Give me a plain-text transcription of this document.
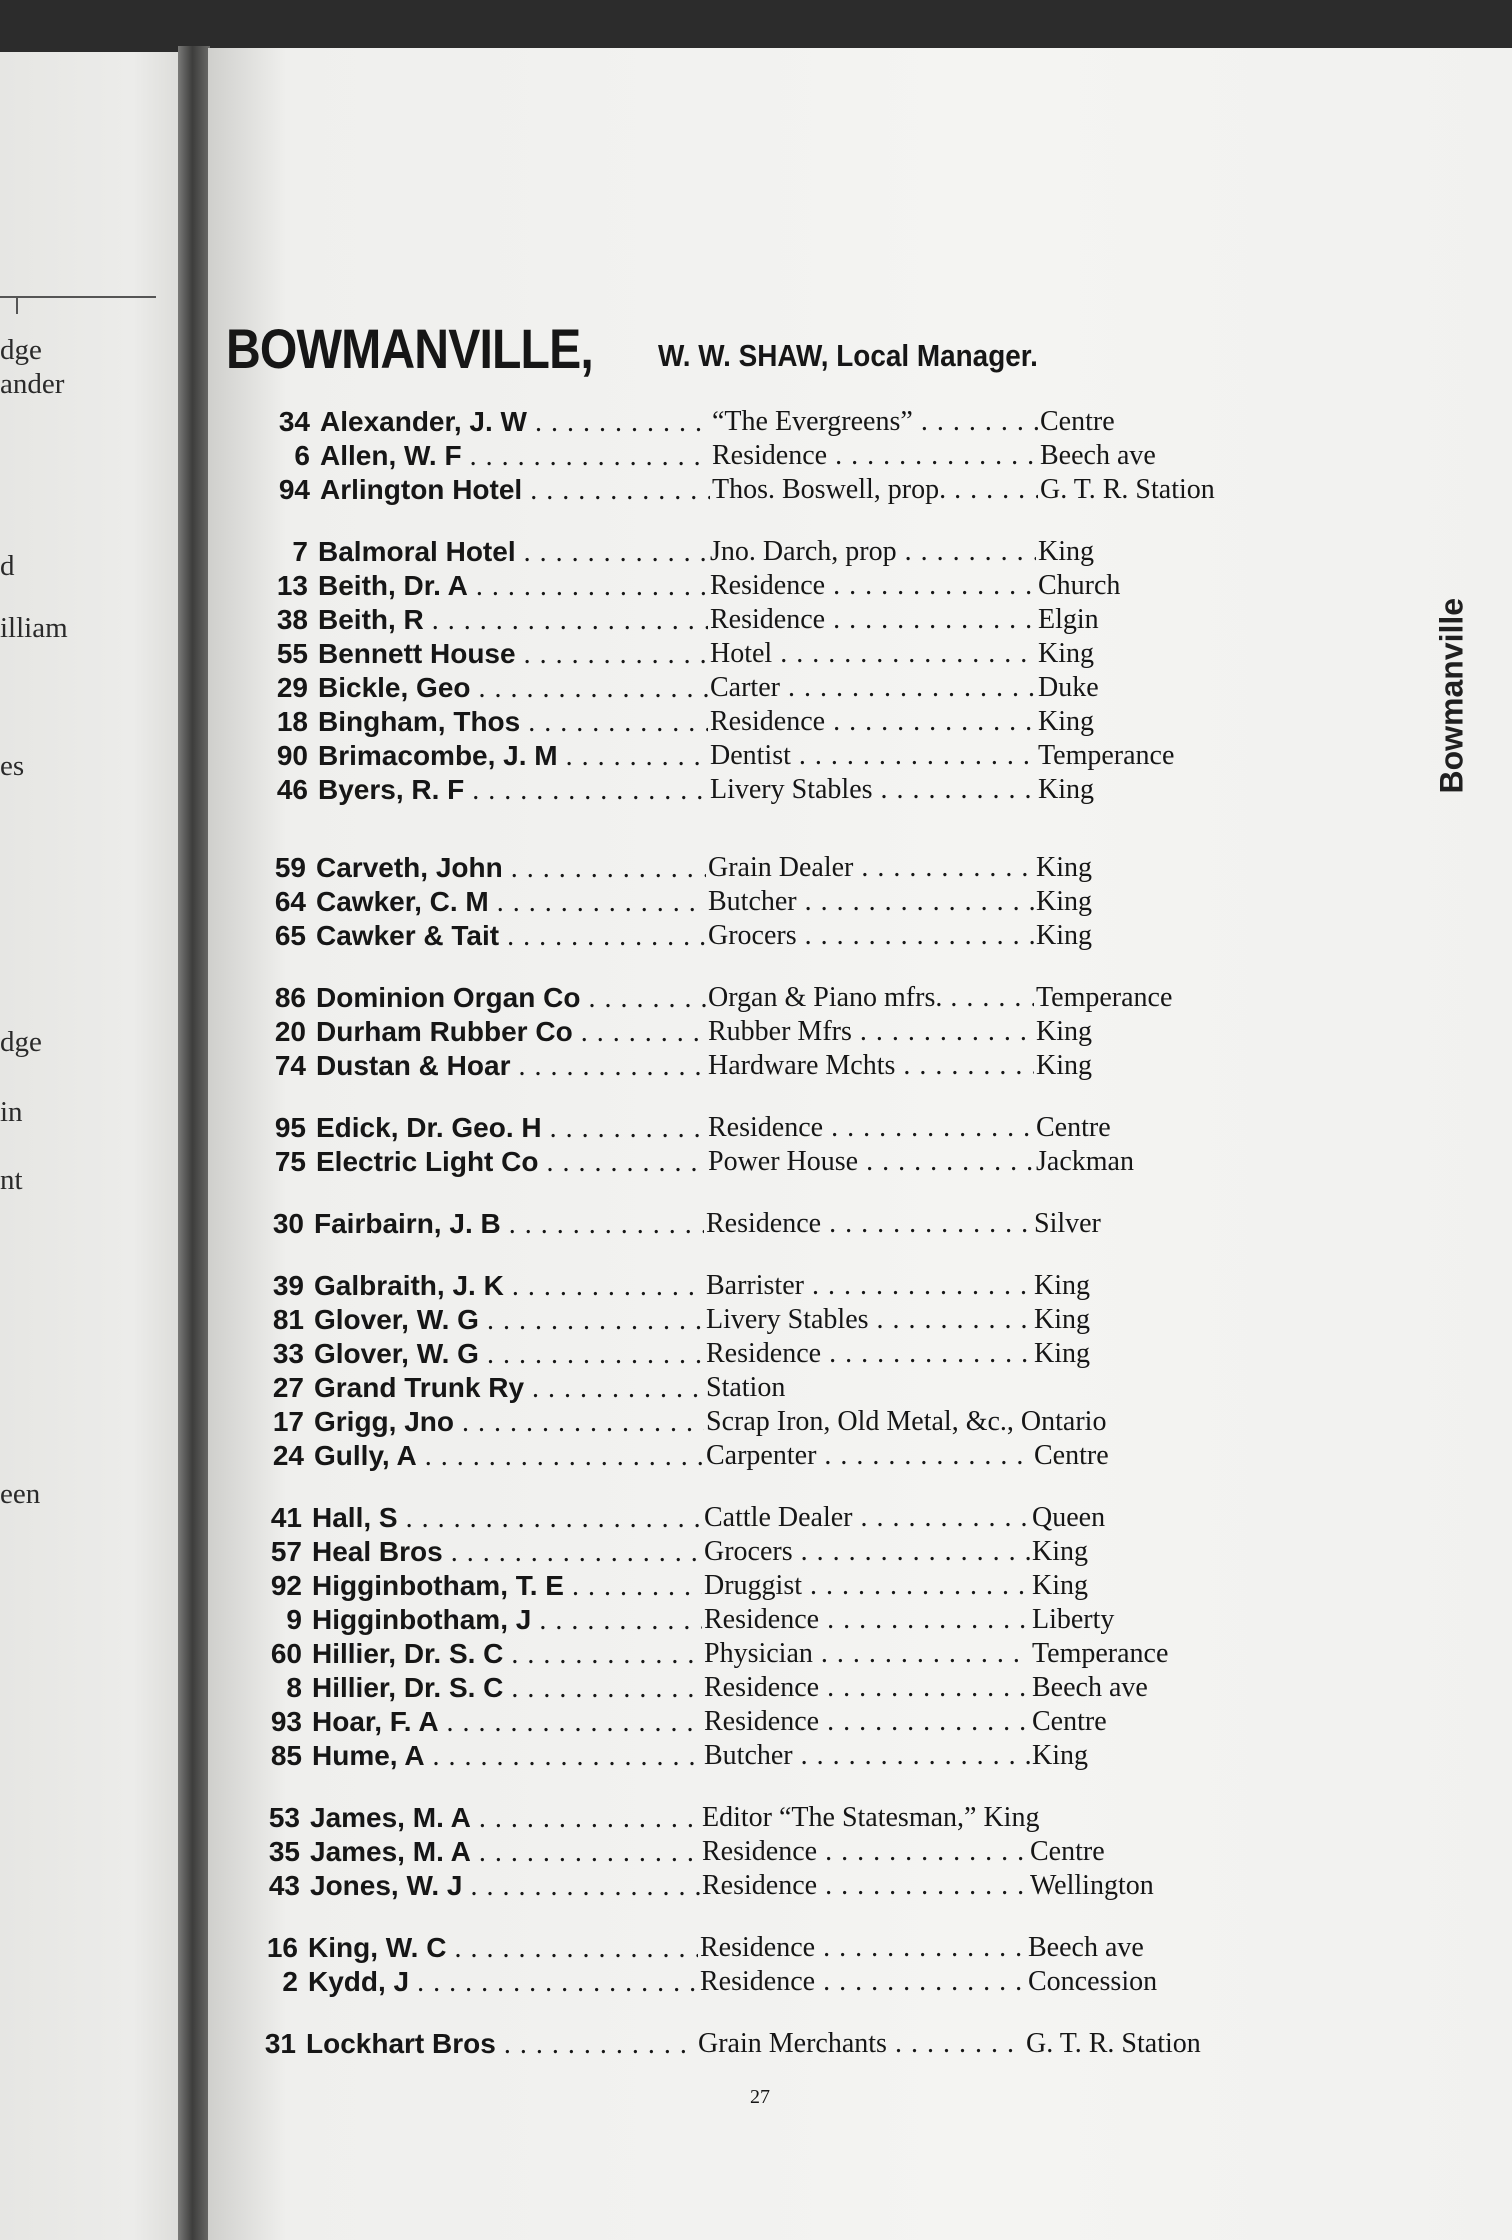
dge
ander
d
illiam
es
dge
in
nt
een
BOWMANVILLE, W. W. SHAW, Local Manager.
Bowmanville
34 Alexander, J. W . . .	“The Evergreens” . . .	Centre
6 Allen, W. F . . .	Residence . . .	Beech ave
94 Arlington Hotel . . .	Thos. Boswell, prop. . . .	G. T. R. Station
7 Balmoral Hotel . . .	Jno. Darch, prop . . .	King
13 Beith, Dr. A . . .	Residence . . .	Church
38 Beith, R . . .	Residence . . .	Elgin
55 Bennett House . . .	Hotel . . .	King
29 Bickle, Geo . . .	Carter . . .	Duke
18 Bingham, Thos . . .	Residence . . .	King
90 Brimacombe, J. M . . .	Dentist . . .	Temperance
46 Byers, R. F . . .	Livery Stables . . .	King
59 Carveth, John . . .	Grain Dealer . . .	King
64 Cawker, C. M . . .	Butcher . . .	King
65 Cawker & Tait . . .	Grocers . . .	King
86 Dominion Organ Co . . .	Organ & Piano mfrs. . . .	Temperance
20 Durham Rubber Co . . .	Rubber Mfrs . . .	King
74 Dustan & Hoar . . .	Hardware Mchts . . .	King
95 Edick, Dr. Geo. H . . .	Residence . . .	Centre
75 Electric Light Co . . .	Power House . . .	Jackman
30 Fairbairn, J. B . . .	Residence . . .	Silver
39 Galbraith, J. K . . .	Barrister . . .	King
81 Glover, W. G . . .	Livery Stables . . .	King
33 Glover, W. G . . .	Residence . . .	King
27 Grand Trunk Ry . . .	Station
17 Grigg, Jno . . .	Scrap Iron, Old Metal, &c., Ontario
24 Gully, A . . .	Carpenter . . .	Centre
41 Hall, S . . .	Cattle Dealer . . .	Queen
57 Heal Bros . . .	Grocers . . .	King
92 Higginbotham, T. E . . .	Druggist . . .	King
9 Higginbotham, J . . .	Residence . . .	Liberty
60 Hillier, Dr. S. C . . .	Physician . . .	Temperance
8 Hillier, Dr. S. C . . .	Residence . . .	Beech ave
93 Hoar, F. A . . .	Residence . . .	Centre
85 Hume, A . . .	Butcher . . .	King
53 James, M. A . . .	Editor “The Statesman,” King
35 James, M. A . . .	Residence . . .	Centre
43 Jones, W. J . . .	Residence . . .	Wellington
16 King, W. C . . .	Residence . . .	Beech ave
2 Kydd, J . . .	Residence . . .	Concession
31 Lockhart Bros . . .	Grain Merchants . . .	G. T. R. Station
27
